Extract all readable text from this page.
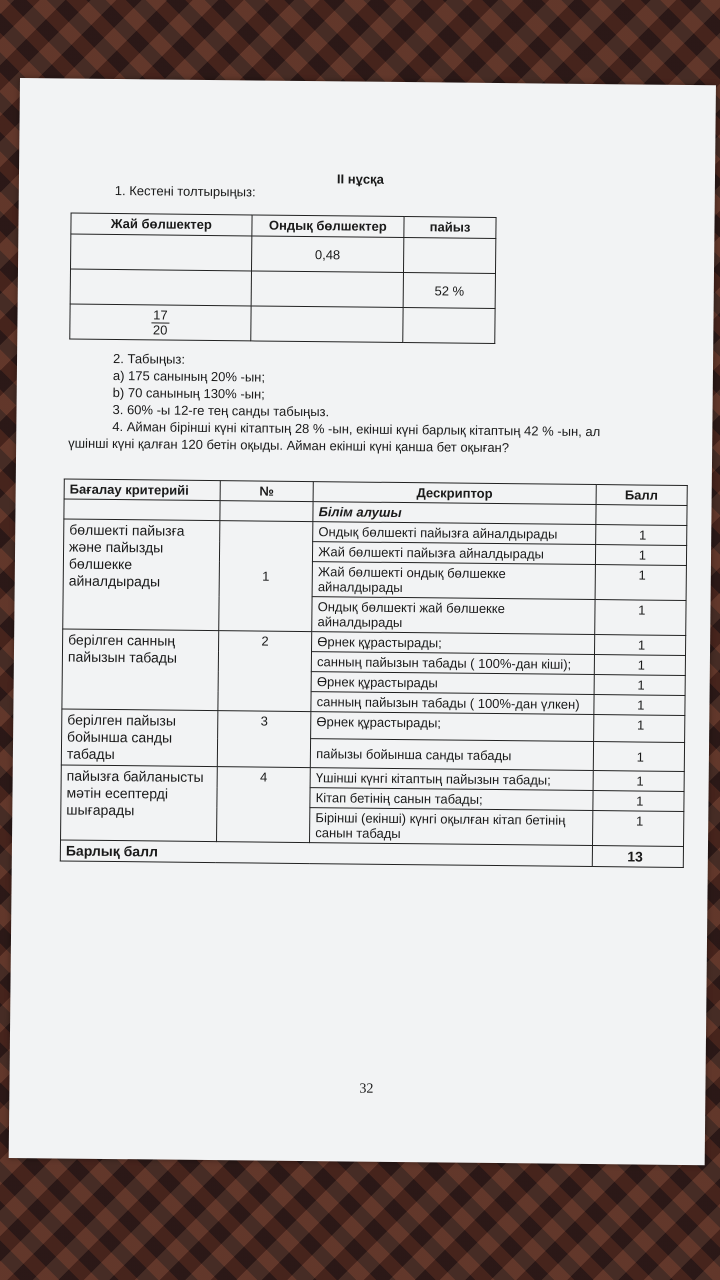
II нұсқа
1. Кестені толтырыңыз:
Жай бөлшектер	Ондық бөлшектер	пайыз
	0,48	
		52 %

$\frac{17}{20}$		
2. Табыңыз:
a) 175 санының 20% -ын;
b) 70 санының 130% -ын;
3. 60% -ы 12-ге тең санды табыңыз.
4. Айман бірінші күні кітаптың 28 % -ын, екінші күні барлық кітаптың 42 % -ын, ал
үшінші күні қалған 120 бетін оқыды. Айман екінші күні қанша бет оқыған?
Бағалау критерийі	№	Дескриптор	Балл
		Білім алушы	
бөлшекті пайызға және пайызды бөлшекке айналдырады	1	Ондық бөлшекті пайызға айналдырады	1
		Жай бөлшекті пайызға айналдырады	1
		Жай бөлшекті ондық бөлшекке айналдырады	1
		Ондық бөлшекті жай бөлшекке айналдырады	1
берілген санның пайызын табады	2	Өрнек құрастырады;	1
		санның пайызын табады ( 100%-дан кіші);	1
		Өрнек құрастырады	1
		санның пайызын табады ( 100%-дан үлкен)	1
берілген пайызы бойынша санды табады	3	Өрнек құрастырады;	1
		пайызы бойынша санды табады	1
пайызға байланысты мәтін есептерді шығарады	4	Үшінші күнгі кітаптың пайызын табады;	1
		Кітап бетінің санын табады;	1
		Бірінші (екінші) күнгі оқылған кітап бетінің санын табады	1
Барлық балл			13
32
